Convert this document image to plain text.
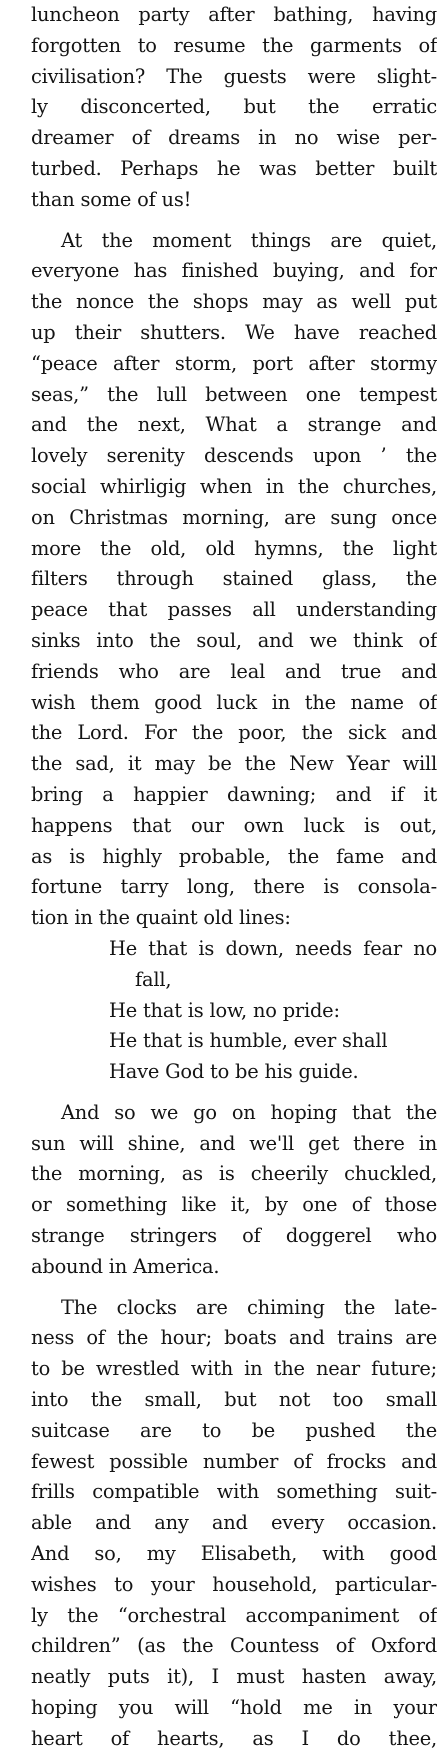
luncheon party after bathing, having
forgotten to resume the garments of
civilisation? The guests were slight-
ly disconcerted, but the erratic
dreamer of dreams in no wise per-
turbed. Perhaps he was better built
than some of us!
At the moment things are quiet,
everyone has finished buying, and for
the nonce the shops may as well put
up their shutters. We have reached
“peace after storm, port after stormy
seas,” the lull between one tempest
and the next, What a strange and
lovely serenity descends upon ’ the
social whirligig when in the churches,
on Christmas morning, are sung once
more the old, old hymns, the light
filters through stained glass, the
peace that passes all understanding
sinks into the soul, and we think of
friends who are leal and true and
wish them good luck in the name of
the Lord. For the poor, the sick and
the sad, it may be the New Year will
bring a happier dawning; and if it
happens that our own luck is out,
as is highly probable, the fame and
fortune tarry long, there is consola-
tion in the quaint old lines:
He that is down, needs fear no
fall,
He that is low, no pride:
He that is humble, ever shall
Have God to be his guide.
And so we go on hoping that the
sun will shine, and we'll get there in
the morning, as is cheerily chuckled,
or something like it, by one of those
strange stringers of doggerel who
abound in America.
The clocks are chiming the late-
ness of the hour; boats and trains are
to be wrestled with in the near future;
into the small, but not too small
suitcase are to be pushed the
fewest possible number of frocks and
frills compatible with something suit-
able and any and every occasion.
And so, my Elisabeth, with good
wishes to your household, particular-
ly the “orchestral accompaniment of
children” (as the Countess of Oxford
neatly puts it), I must hasten away,
hoping you will “hold me in your
heart of hearts, as I do thee,
